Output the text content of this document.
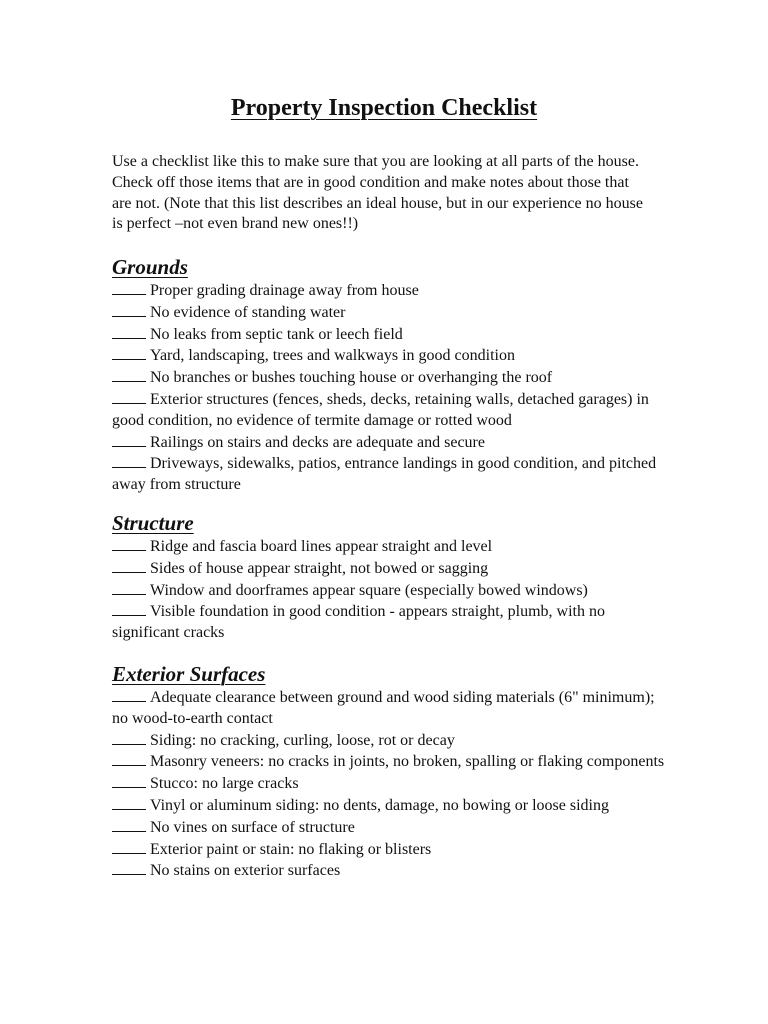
Property Inspection Checklist
Use a checklist like this to make sure that you are looking at all parts of the house. Check off those items that are in good condition and make notes about those that are not. (Note that this list describes an ideal house, but in our experience no house is perfect –not even brand new ones!!)
Grounds
Proper grading drainage away from house
No evidence of standing water
No leaks from septic tank or leech field
Yard, landscaping, trees and walkways in good condition
No branches or bushes touching house or overhanging the roof
Exterior structures (fences, sheds, decks, retaining walls, detached garages) in good condition, no evidence of termite damage or rotted wood
Railings on stairs and decks are adequate and secure
Driveways, sidewalks, patios, entrance landings in good condition, and pitched away from structure
Structure
Ridge and fascia board lines appear straight and level
Sides of house appear straight, not bowed or sagging
Window and doorframes appear square (especially bowed windows)
Visible foundation in good condition - appears straight, plumb, with no significant cracks
Exterior Surfaces
Adequate clearance between ground and wood siding materials (6" minimum); no wood-to-earth contact
Siding: no cracking, curling, loose, rot or decay
Masonry veneers: no cracks in joints, no broken, spalling or flaking components
Stucco: no large cracks
Vinyl or aluminum siding: no dents, damage, no bowing or loose siding
No vines on surface of structure
Exterior paint or stain: no flaking or blisters
No stains on exterior surfaces
